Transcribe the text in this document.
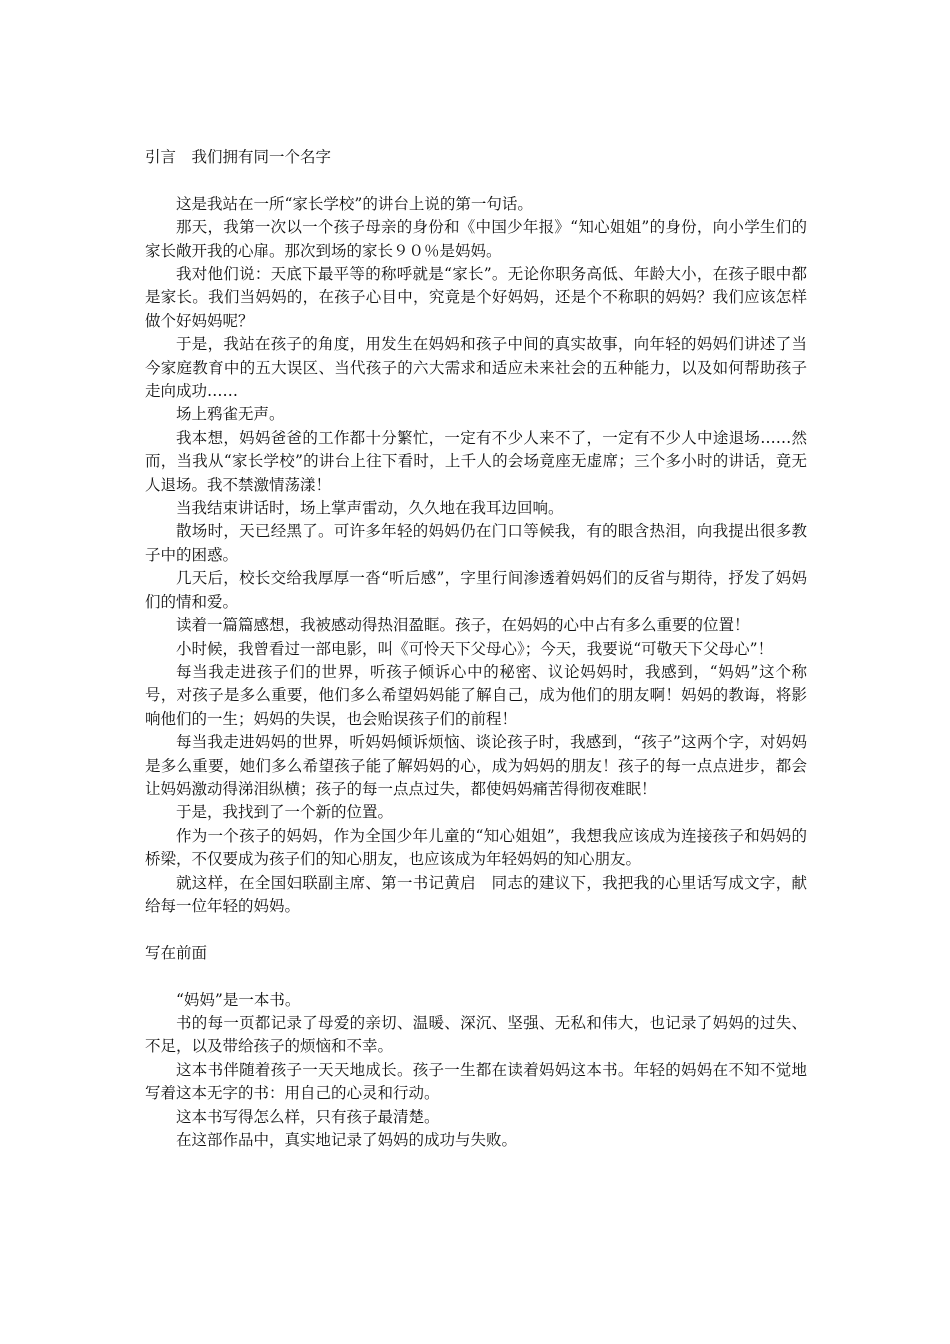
引言　我们拥有同一个名字

这是我站在一所“家长学校”的讲台上说的第一句话。

那天，我第一次以一个孩子母亲的身份和《中国少年报》“知心姐姐”的身份，向小学生们的家长敞开我的心扉。那次到场的家长９０％是妈妈。

我对他们说：天底下最平等的称呼就是“家长”。无论你职务高低、年龄大小，在孩子眼中都是家长。我们当妈妈的，在孩子心目中，究竟是个好妈妈，还是个不称职的妈妈？我们应该怎样做个好妈妈呢？

于是，我站在孩子的角度，用发生在妈妈和孩子中间的真实故事，向年轻的妈妈们讲述了当今家庭教育中的五大误区、当代孩子的六大需求和适应未来社会的五种能力，以及如何帮助孩子走向成功……

场上鸦雀无声。

我本想，妈妈爸爸的工作都十分繁忙，一定有不少人来不了，一定有不少人中途退场……然而，当我从“家长学校”的讲台上往下看时，上千人的会场竟座无虚席；三个多小时的讲话，竟无人退场。我不禁激情荡漾！

当我结束讲话时，场上掌声雷动，久久地在我耳边回响。

散场时，天已经黑了。可许多年轻的妈妈仍在门口等候我，有的眼含热泪，向我提出很多教子中的困惑。

几天后，校长交给我厚厚一沓“听后感”，字里行间渗透着妈妈们的反省与期待，抒发了妈妈们的情和爱。

读着一篇篇感想，我被感动得热泪盈眶。孩子，在妈妈的心中占有多么重要的位置！

小时候，我曾看过一部电影，叫《可怜天下父母心》；今天，我要说“可敬天下父母心”！

每当我走进孩子们的世界，听孩子倾诉心中的秘密、议论妈妈时，我感到，“妈妈”这个称号，对孩子是多么重要，他们多么希望妈妈能了解自己，成为他们的朋友啊！妈妈的教诲，将影响他们的一生；妈妈的失误，也会贻误孩子们的前程！

每当我走进妈妈的世界，听妈妈倾诉烦恼、谈论孩子时，我感到，“孩子”这两个字，对妈妈是多么重要，她们多么希望孩子能了解妈妈的心，成为妈妈的朋友！孩子的每一点点进步，都会让妈妈激动得涕泪纵横；孩子的每一点点过失，都使妈妈痛苦得彻夜难眠！

于是，我找到了一个新的位置。

作为一个孩子的妈妈，作为全国少年儿童的“知心姐姐”，我想我应该成为连接孩子和妈妈的桥梁，不仅要成为孩子们的知心朋友，也应该成为年轻妈妈的知心朋友。

就这样，在全国妇联副主席、第一书记黄启　同志的建议下，我把我的心里话写成文字，献给每一位年轻的妈妈。

写在前面

“妈妈”是一本书。

书的每一页都记录了母爱的亲切、温暖、深沉、坚强、无私和伟大，也记录了妈妈的过失、不足，以及带给孩子的烦恼和不幸。

这本书伴随着孩子一天天地成长。孩子一生都在读着妈妈这本书。年轻的妈妈在不知不觉地写着这本无字的书：用自己的心灵和行动。

这本书写得怎么样，只有孩子最清楚。

在这部作品中，真实地记录了妈妈的成功与失败。
